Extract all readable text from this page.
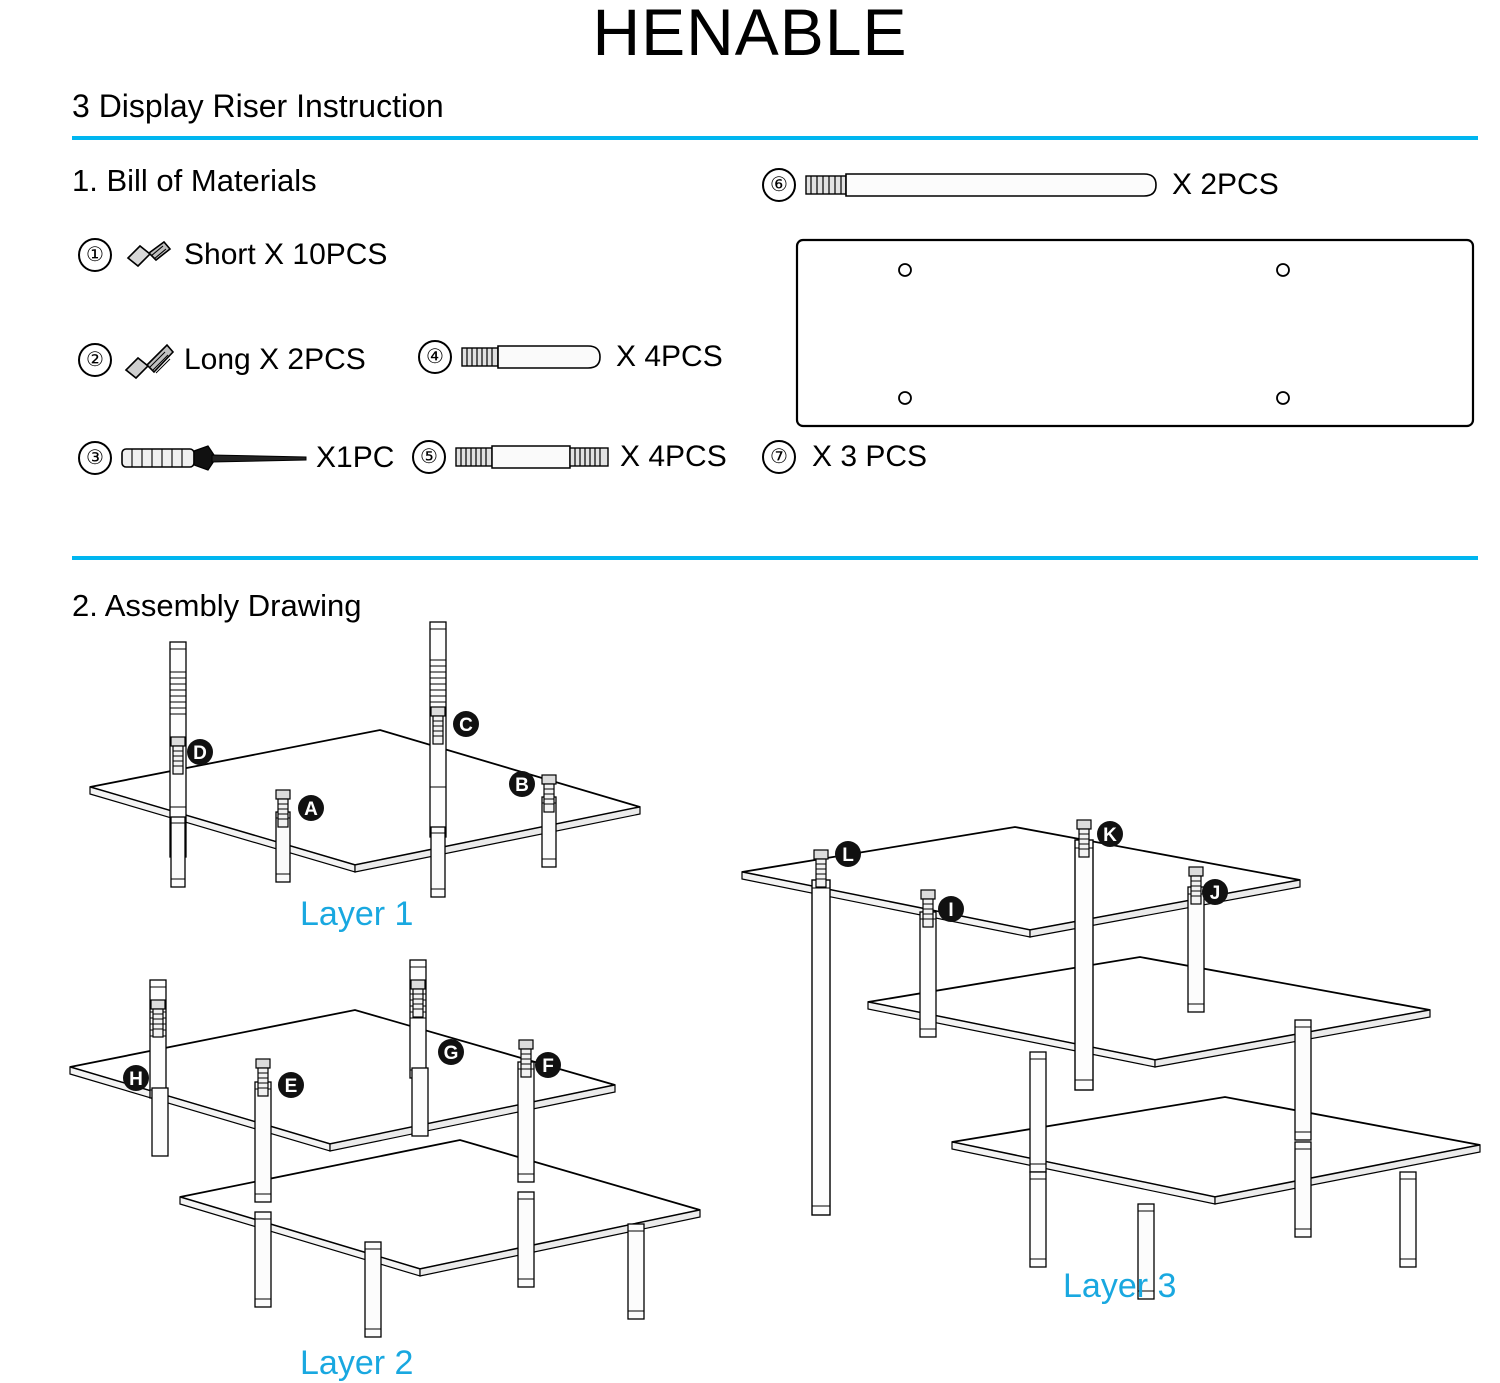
HENABLE
3 Display Riser Instruction
1. Bill of Materials
①	Short X 10PCS
②	Long X 2PCS	④	X 4PCS
③	X1PC	⑤	X 4PCS	⑦ X 3 PCS
⑥	X 2PCS
2. Assembly Drawing
A
B
C
D
E
F
G
H
I
J
K
L
Layer 1
Layer 2
Layer 3
